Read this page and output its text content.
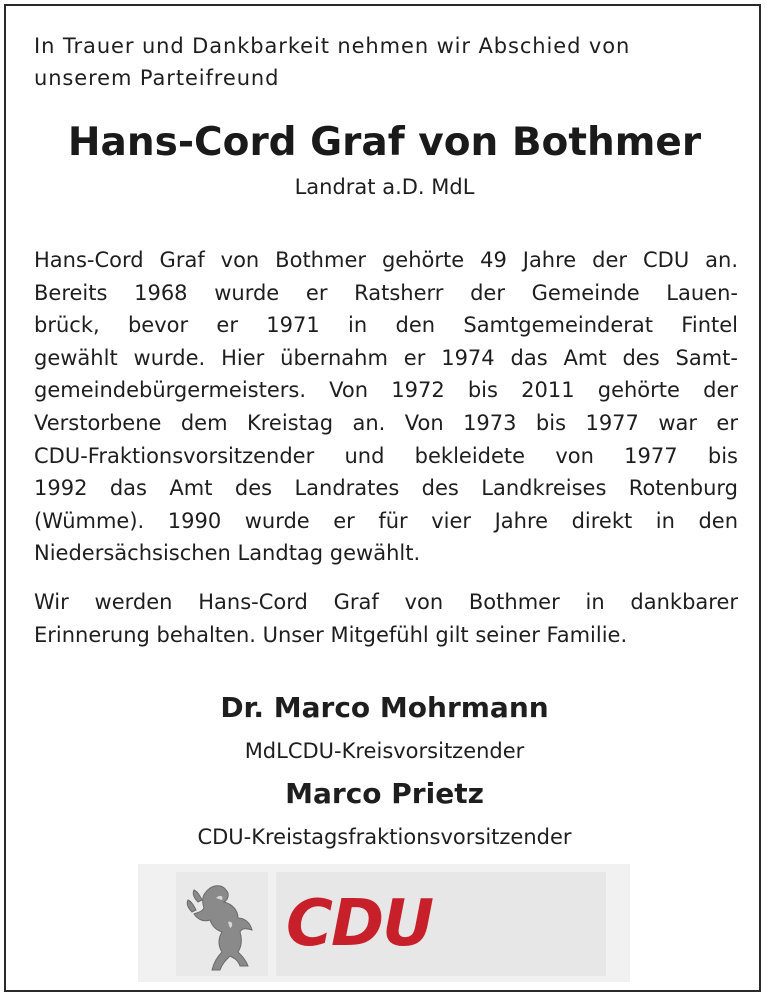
In Trauer und Dankbarkeit nehmen wir Abschied von
unserem Parteifreund
Hans-Cord Graf von Bothmer
Landrat a.D. MdL
Hans-Cord Graf von Bothmer gehörte 49 Jahre der CDU an.
Bereits 1968 wurde er Ratsherr der Gemeinde Lauen-
brück, bevor er 1971 in den Samtgemeinderat Fintel
gewählt wurde. Hier übernahm er 1974 das Amt des Samt-
gemeindebürgermeisters. Von 1972 bis 2011 gehörte der
Verstorbene dem Kreistag an. Von 1973 bis 1977 war er
CDU-Fraktionsvorsitzender und bekleidete von 1977 bis
1992 das Amt des Landrates des Landkreises Rotenburg
(Wümme). 1990 wurde er für vier Jahre direkt in den
Niedersächsischen Landtag gewählt.
Wir werden Hans-Cord Graf von Bothmer in dankbarer
Erinnerung behalten. Unser Mitgefühl gilt seiner Familie.
Dr. Marco Mohrmann
MdLCDU-Kreisvorsitzender
Marco Prietz
CDU-Kreistagsfraktionsvorsitzender
CDU
